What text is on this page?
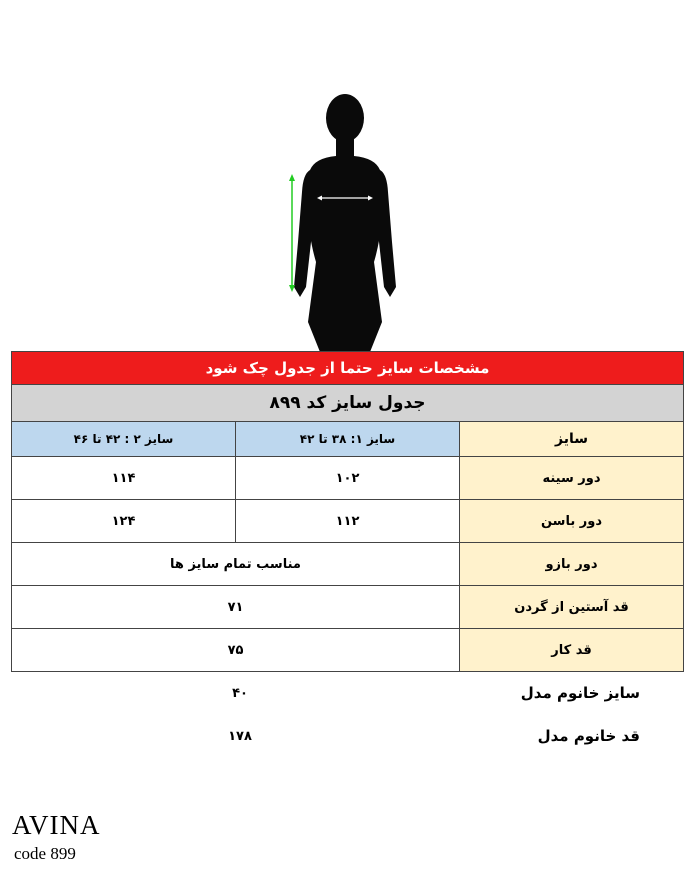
مشخصات سایز حتما از جدول چک شود		
جدول سایز کد ۸۹۹		
سایز	سایز ۱: ۳۸ تا ۴۲	سایز ۲ : ۴۲ تا ۴۶
دور سینه	۱۰۲	۱۱۴
دور باسن	۱۱۲	۱۲۴
دور بازو	مناسب تمام سایز ها	
قد آستین از گردن	۷۱	
قد کار	۷۵	
سایز خانوم مدل
۴۰
قد خانوم مدل
۱۷۸
AVINA
code 899
